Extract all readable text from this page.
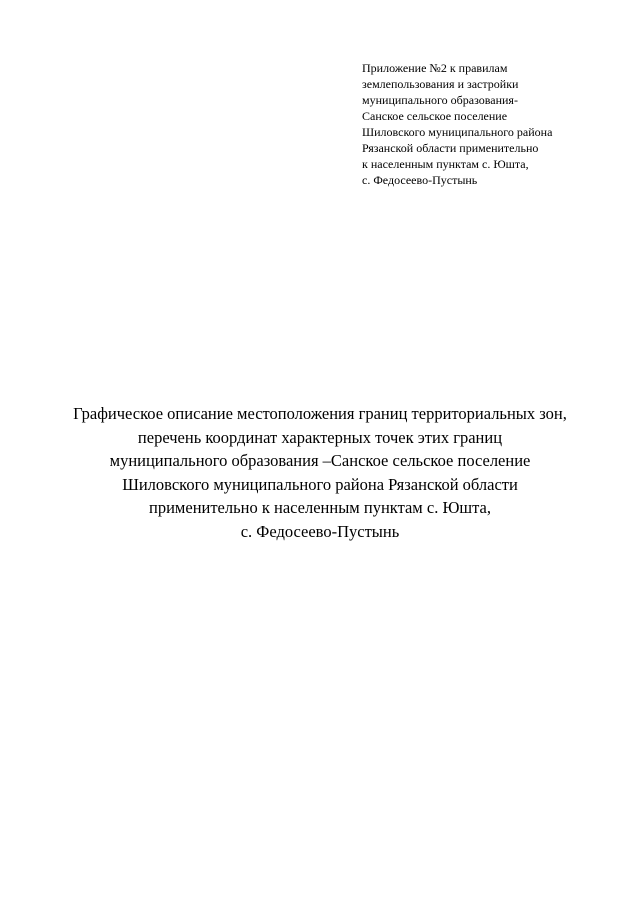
Приложение №2 к правилам
землепользования и застройки
муниципального образования-
Санское сельское поселение
Шиловского муниципального района
Рязанской области применительно
к населенным пунктам с. Юшта,
с. Федосеево-Пустынь
Графическое описание местоположения границ территориальных зон,
перечень координат характерных точек этих границ
муниципального образования –Санское сельское поселение
Шиловского муниципального района Рязанской области
применительно к населенным пунктам с. Юшта,
с. Федосеево-Пустынь
